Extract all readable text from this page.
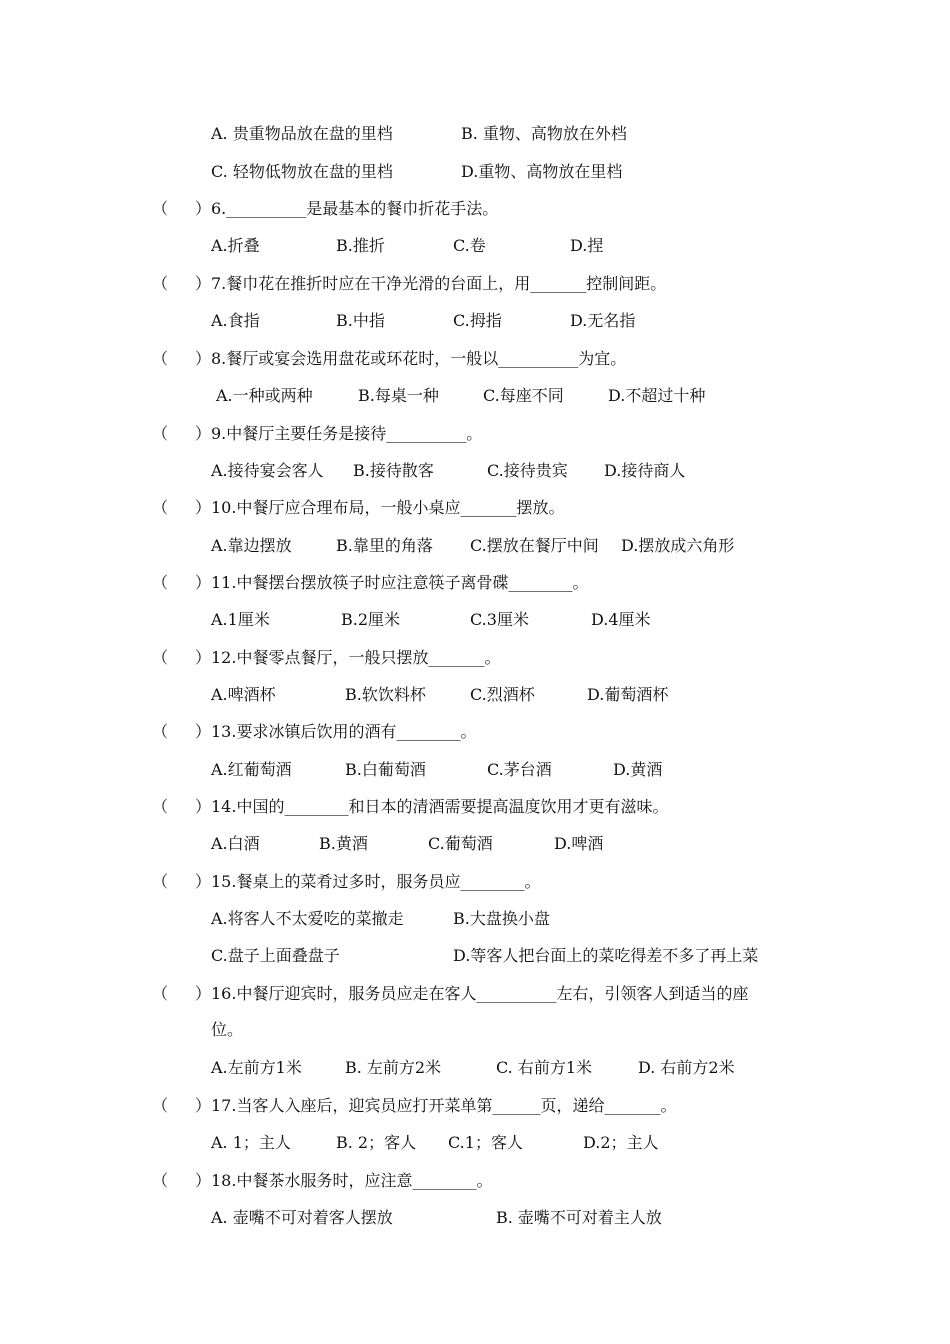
A. 贵重物品放在盘的里档	B. 重物、高物放在外档
C. 轻物低物放在盘的里档	D.重物、高物放在里档
（ ）6.__________是最基本的餐巾折花手法。
A.折叠	B.推折	C.卷	D.捏
（ ）7.餐巾花在推折时应在干净光滑的台面上，用_______控制间距。
A.食指	B.中指	C.拇指	D.无名指
（ ）8.餐厅或宴会选用盘花或环花时，一般以__________为宜。
A.一种或两种	B.每桌一种	C.每座不同	D.不超过十种
（ ）9.中餐厅主要任务是接待__________。
A.接待宴会客人 B.接待散客	C.接待贵宾 D.接待商人
（ ）10.中餐厅应合理布局，一般小桌应_______摆放。
A.靠边摆放	B.靠里的角落 C.摆放在餐厅中间 D.摆放成六角形
（ ）11.中餐摆台摆放筷子时应注意筷子离骨碟________。
A.1厘米	B.2厘米	C.3厘米	D.4厘米
（ ）12.中餐零点餐厅，一般只摆放_______。
A.啤酒杯	B.软饮料杯	C.烈酒杯	D.葡萄酒杯
（ ）13.要求冰镇后饮用的酒有________。
A.红葡萄酒	B.白葡萄酒	C.茅台酒	D.黄酒
（ ）14.中国的________和日本的清酒需要提高温度饮用才更有滋味。
A.白酒	B.黄酒	C.葡萄酒	D.啤酒
（ ）15.餐桌上的菜肴过多时，服务员应________。
A.将客人不太爱吃的菜撤走	B.大盘换小盘
C.盘子上面叠盘子	D.等客人把台面上的菜吃得差不多了再上菜
（ ）16.中餐厅迎宾时，服务员应走在客人__________左右，引领客人到适当的座
位。
A.左前方1米	B. 左前方2米	C. 右前方1米	D. 右前方2米
（ ）17.当客人入座后，迎宾员应打开菜单第______页，递给_______。
A. 1；主人	B. 2；客人 C.1；客人	D.2；主人
（ ）18.中餐茶水服务时，应注意________。
A. 壶嘴不可对着客人摆放	B. 壶嘴不可对着主人放
